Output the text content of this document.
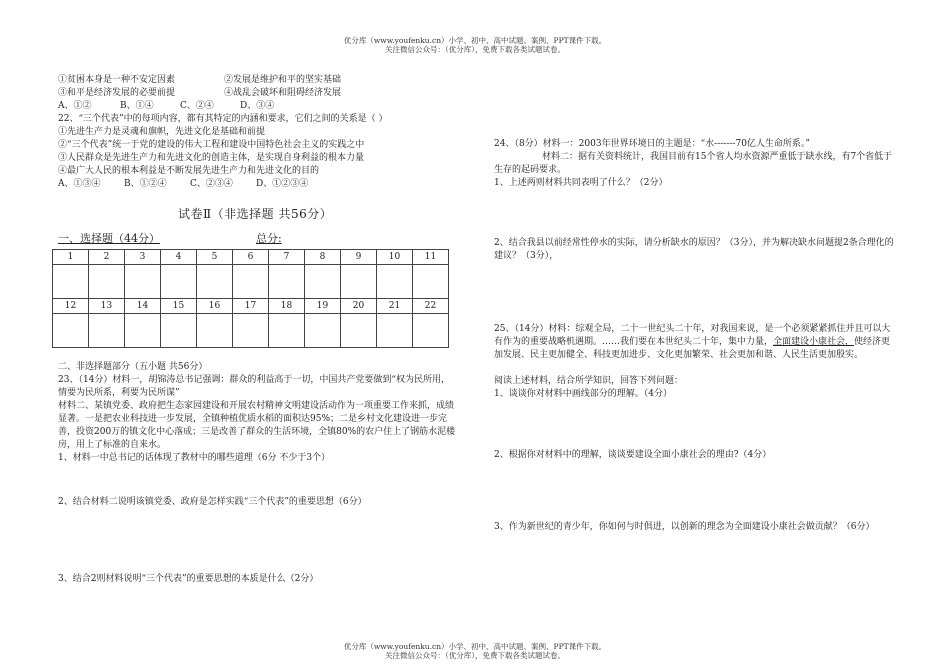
优分库（www.youfenku.cn）小学、初中、高中试题、案例、PPT课件下载。
关注微信公众号：（优分库），免费下载各类试题试卷。
①贫困本身是一种不安定因素	②发展是维护和平的坚实基础
③和平是经济发展的必要前提	④战乱会破坏和阻碍经济发展
A、①②	B、①④	C、②④	D、③④
22、“三个代表”中的每项内容，都有其特定的内涵和要求，它们之间的关系是（ ）
①先进生产力是灵魂和旗帜，先进文化是基础和前提
②“三个代表”统一于党的建设的伟大工程和建设中国特色社会主义的实践之中
③人民群众是先进生产力和先进文化的创造主体，是实现自身利益的根本力量
④最广大人民的根本利益是不断发展先进生产力和先进文化的目的
A、①③④	B、①②④	C、②③④	D、①②③④
试卷Ⅱ（非选择题 共56分）
一、选择题（44分）	总分:
1	2	3	4	5	6	7	8	9	10	11

12	13	14	15	16	17	18	19	20	21	22

二、非选择题部分（五小题 共56分）
23、（14分）材料一，胡锦涛总书记强调：群众的利益高于一切，中国共产党要做到“权为民所用，情要为民所系，利要为民所谋”
材料二、某镇党委、政府把生态家园建设和开展农村精神文明建设活动作为一项重要工作来抓，成绩显著。一是把农业科技进一步发展，全镇种植优质水稻的面积达95%；二是乡村文化建设进一步完善，投资200万的镇文化中心落成；三是改善了群众的生活环境，全镇80%的农户住上了钢筋水泥楼房，用上了标准的自来水。
1、材料一中总书记的话体现了教材中的哪些道理（6分 不少于3个）
2、结合材料二说明该镇党委、政府是怎样实践“三个代表”的重要思想（6分）
3、结合2则材料说明“三个代表”的重要思想的本质是什么（2分）
24、（8分）材料一：2003年世界环境日的主题是：“水-------70亿人生命所系。”
材料二：据有关资料统计，我国目前有15个省人均水资源严重低于缺水线，有7个省低于生存的起码要求。
1、上述两则材料共同表明了什么？（2分）
2、结合我县以前经常性停水的实际，请分析缺水的原因？（3分），并为解决缺水问题提2条合理化的建议？（3分），
25、（14分）材料：综观全局，二十一世纪头二十年，对我国来说，是一个必须紧紧抓住并且可以大有作为的重要战略机遇期。……我们要在本世纪头二十年，集中力量，全面建设小康社会，使经济更加发展、民主更加健全、科技更加进步、文化更加繁荣、社会更加和谐、人民生活更加殷实。
阅读上述材料，结合所学知识，回答下列问题：
1、谈谈你对材料中画线部分的理解。（4分）
2、根据你对材料中的理解，谈谈要建设全面小康社会的理由?（4分）
3、作为新世纪的青少年，你如何与时俱进，以创新的理念为全面建设小康社会做贡献？（6分）
优分库（www.youfenku.cn）小学、初中、高中试题、案例、PPT课件下载。
关注微信公众号：（优分库），免费下载各类试题试卷。
